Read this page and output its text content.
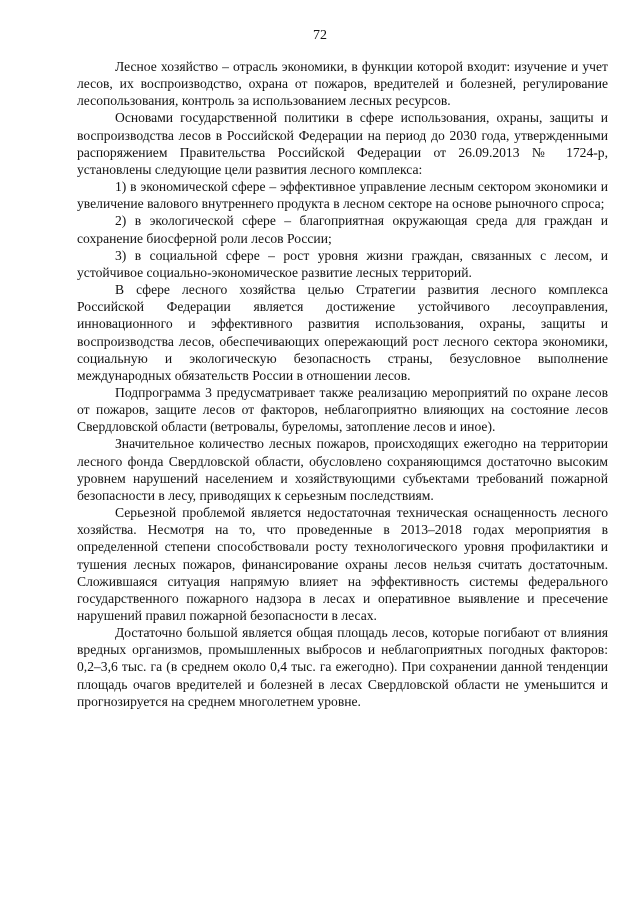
72

Лесное хозяйство – отрасль экономики, в функции которой входит: изучение и учет лесов, их воспроизводство, охрана от пожаров, вредителей и болезней, регулирование лесопользования, контроль за использованием лесных ресурсов.

Основами государственной политики в сфере использования, охраны, защиты и воспроизводства лесов в Российской Федерации на период до 2030 года, утвержденными распоряжением Правительства Российской Федерации от 26.09.2013 № 1724-р, установлены следующие цели развития лесного комплекса:

1) в экономической сфере – эффективное управление лесным сектором экономики и увеличение валового внутреннего продукта в лесном секторе на основе рыночного спроса;

2) в экологической сфере – благоприятная окружающая среда для граждан и сохранение биосферной роли лесов России;

3) в социальной сфере – рост уровня жизни граждан, связанных с лесом, и устойчивое социально-экономическое развитие лесных территорий.

В сфере лесного хозяйства целью Стратегии развития лесного комплекса Российской Федерации является достижение устойчивого лесоуправления, инновационного и эффективного развития использования, охраны, защиты и воспроизводства лесов, обеспечивающих опережающий рост лесного сектора экономики, социальную и экологическую безопасность страны, безусловное выполнение международных обязательств России в отношении лесов.

Подпрограмма 3 предусматривает также реализацию мероприятий по охране лесов от пожаров, защите лесов от факторов, неблагоприятно влияющих на состояние лесов Свердловской области (ветровалы, буреломы, затопление лесов и иное).

Значительное количество лесных пожаров, происходящих ежегодно на территории лесного фонда Свердловской области, обусловлено сохраняющимся достаточно высоким уровнем нарушений населением и хозяйствующими субъектами требований пожарной безопасности в лесу, приводящих к серьезным последствиям.

Серьезной проблемой является недостаточная техническая оснащенность лесного хозяйства. Несмотря на то, что проведенные в 2013–2018 годах мероприятия в определенной степени способствовали росту технологического уровня профилактики и тушения лесных пожаров, финансирование охраны лесов нельзя считать достаточным. Сложившаяся ситуация напрямую влияет на эффективность системы федерального государственного пожарного надзора в лесах и оперативное выявление и пресечение нарушений правил пожарной безопасности в лесах.

Достаточно большой является общая площадь лесов, которые погибают от влияния вредных организмов, промышленных выбросов и неблагоприятных погодных факторов: 0,2–3,6 тыс. га (в среднем около 0,4 тыс. га ежегодно). При сохранении данной тенденции площадь очагов вредителей и болезней в лесах Свердловской области не уменьшится и прогнозируется на среднем многолетнем уровне.
